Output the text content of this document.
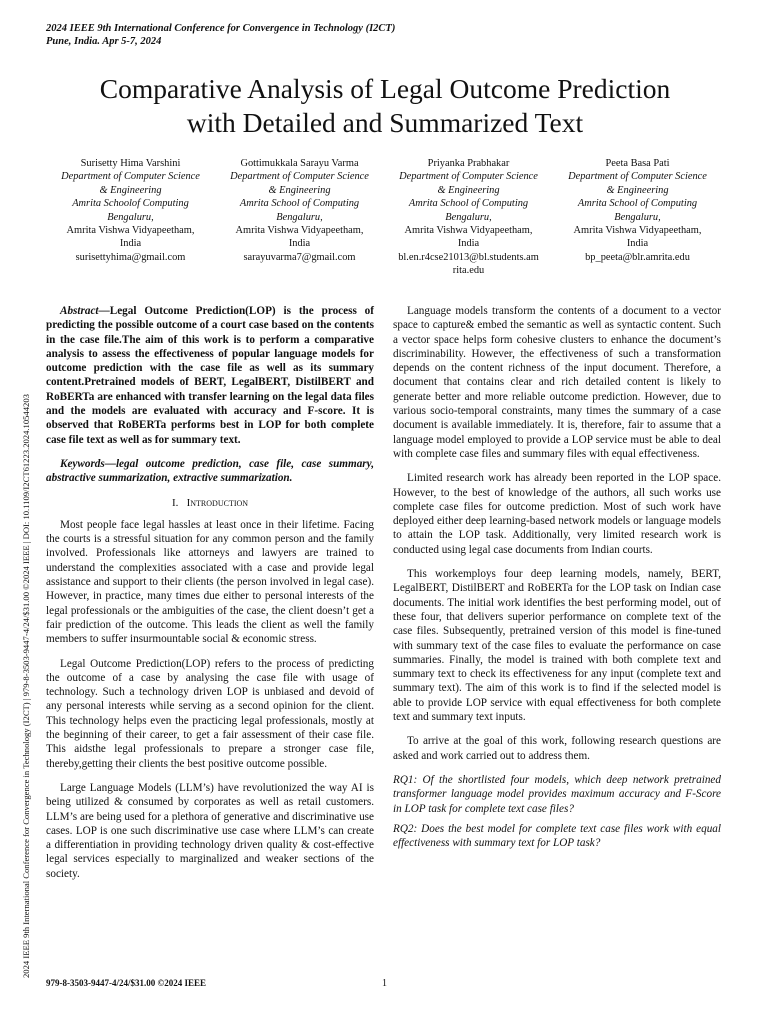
2024 IEEE 9th International Conference for Convergence in Technology (I2CT)
Pune, India. Apr 5-7, 2024
2024 IEEE 9th International Conference for Convergence in Technology (I2CT) | 979-8-3503-9447-4/24/$31.00 ©2024 IEEE | DOI: 10.1109/I2CT61223.2024.10544203
Comparative Analysis of Legal Outcome Prediction
with Detailed and Summarized Text
Surisetty Hima Varshini
Department of Computer Science
& Engineering
Amrita Schoolof Computing
Bengaluru,
Amrita Vishwa Vidyapeetham,
India
surisettyhima@gmail.com
Gottimukkala Sarayu Varma
Department of Computer Science
& Engineering
Amrita School of Computing
Bengaluru,
Amrita Vishwa Vidyapeetham,
India
sarayuvarma7@gmail.com
Priyanka Prabhakar
Department of Computer Science
& Engineering
Amrita School of Computing
Bengaluru,
Amrita Vishwa Vidyapeetham,
India
bl.en.r4cse21013@bl.students.am
rita.edu
Peeta Basa Pati
Department of Computer Science
& Engineering
Amrita School of Computing
Bengaluru,
Amrita Vishwa Vidyapeetham,
India
bp_peeta@blr.amrita.edu

Abstract—Legal Outcome Prediction(LOP) is the process of predicting the possible outcome of a court case based on the contents in the case file.The aim of this work is to perform a comparative analysis to assess the effectiveness of popular language models for outcome prediction with the case file as well as its summary content.Pretrained models of BERT, LegalBERT, DistilBERT and RoBERTa are enhanced with transfer learning on the legal data files and the models are evaluated with accuracy and F-score. It is observed that RoBERTa performs best in LOP for both complete case file text as well as for summary text.

Keywords—legal outcome prediction, case file, case summary, abstractive summarization, extractive summarization.

I. Introduction

Most people face legal hassles at least once in their lifetime. Facing the courts is a stressful situation for any common person and the family involved. Professionals like attorneys and lawyers are trained to understand the complexities associated with a case and provide legal assistance and support to their clients (the person involved in legal case). However, in practice, many times due either to personal interests of the legal professionals or the ambiguities of the case, the client doesn’t get a fair prediction of the outcome. This leads the client as well the family members to suffer insurmountable social & economic stress.

Legal Outcome Prediction(LOP) refers to the process of predicting the outcome of a case by analysing the case file with usage of technology. Such a technology driven LOP is unbiased and devoid of any personal interests while serving as a second opinion for the client. This technology helps even the practicing legal professionals, mostly at the beginning of their career, to get a fair assessment of their case file. This aidsthe legal professionals to prepare a stronger case file, thereby,getting their clients the best positive outcome possible.

Large Language Models (LLM’s) have revolutionized the way AI is being utilized & consumed by corporates as well as retail customers. LLM’s are being used for a plethora of generative and discriminative use cases. LOP is one such discriminative use case where LLM’s can create a differentiation in providing technology driven quality & cost-effective legal services especially to marginalized and weaker sections of the society.

Language models transform the contents of a document to a vector space to capture& embed the semantic as well as syntactic content. Such a vector space helps form cohesive clusters to enhance the document’s discriminability. However, the effectiveness of such a transformation depends on the content richness of the input document. Therefore, a document that contains clear and rich detailed content is likely to generate better and more reliable outcome prediction. However, due to various socio-temporal constraints, many times the summary of a case document is available immediately. It is, therefore, fair to assume that a language model employed to provide a LOP service must be able to deal with complete case files and summary files with equal effectiveness.

Limited research work has already been reported in the LOP space. However, to the best of knowledge of the authors, all such works use complete case files for outcome prediction. Most of such work have deployed either deep learning-based network models or language models to attain the LOP task. Additionally, very limited research work is conducted using legal case documents from Indian courts.

This workemploys four deep learning models, namely, BERT, LegalBERT, DistilBERT and RoBERTa for the LOP task on Indian case documents. The initial work identifies the best performing model, out of these four, that delivers superior performance on complete text of the case files. Subsequently, pretrained version of this model is fine-tuned with summary text of the case files to evaluate the performance on case summaries. Finally, the model is trained with both complete text and summary text to check its effectiveness for any input (complete text and summary text). The aim of this work is to find if the selected model is able to provide LOP service with equal effectiveness for both complete text and summary text inputs.

To arrive at the goal of this work, following research questions are asked and work carried out to address them.

RQ1: Of the shortlisted four models, which deep network pretrained transformer language model provides maximum accuracy and F-Score in LOP task for complete text case files?

RQ2: Does the best model for complete text case files work with equal effectiveness with summary text for LOP task?

979-8-3503-9447-4/24/$31.00 ©2024 IEEE	1
